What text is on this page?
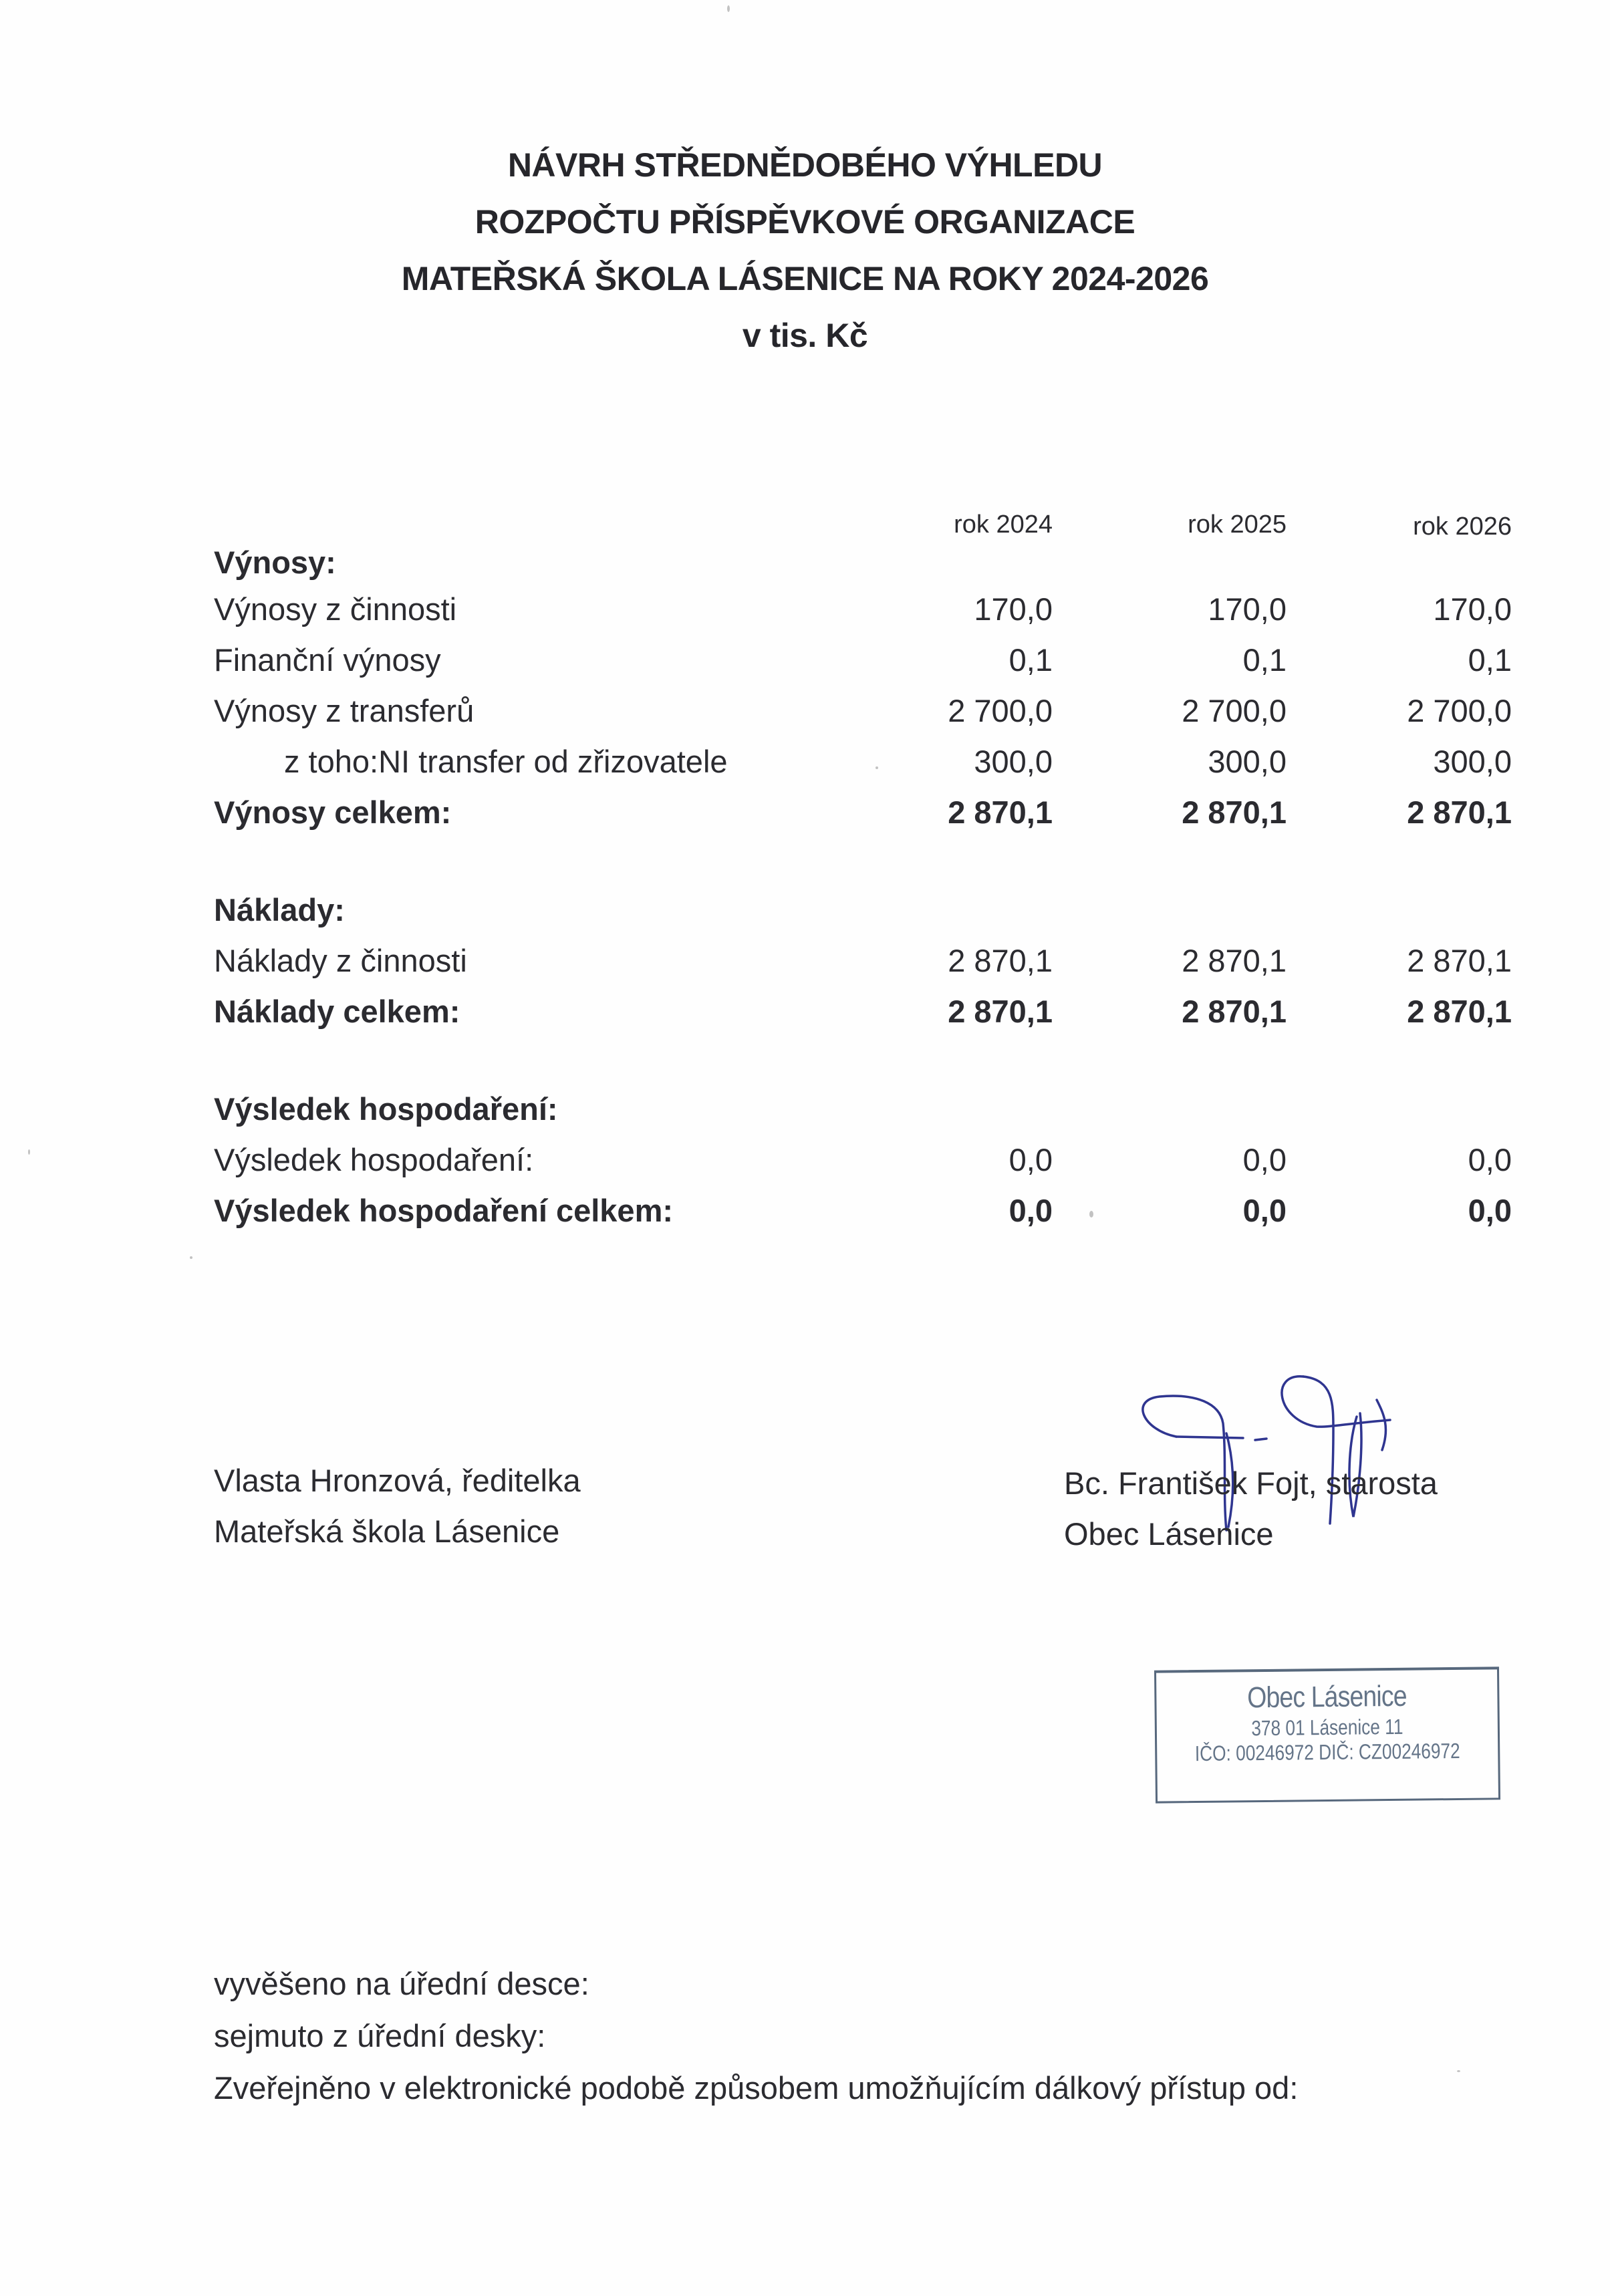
NÁVRH STŘEDNĚDOBÉHO VÝHLEDU
ROZPOČTU PŘÍSPĚVKOVÉ ORGANIZACE
MATEŘSKÁ ŠKOLA LÁSENICE NA ROKY 2024-2026
v tis. Kč
rok 2024	rok 2025	rok 2026
Výnosy:
Výnosy z činnosti	170,0	170,0	170,0
Finanční výnosy	0,1	0,1	0,1
Výnosy z transferů	2 700,0	2 700,0	2 700,0
z toho:NI transfer od zřizovatele	300,0	300,0	300,0
Výnosy celkem:	2 870,1	2 870,1	2 870,1
Náklady:
Náklady z činnosti	2 870,1	2 870,1	2 870,1
Náklady celkem:	2 870,1	2 870,1	2 870,1
Výsledek hospodaření:
Výsledek hospodaření:	0,0	0,0	0,0
Výsledek hospodaření celkem:	0,0	0,0	0,0
Vlasta Hronzová, ředitelka
Mateřská škola Lásenice
Bc. František Fojt, starosta
Obec Lásenice
Obec Lásenice
378 01 Lásenice 11
IČO: 00246972 DIČ: CZ00246972
vyvěšeno na úřední desce:
sejmuto z úřední desky:
Zveřejněno v elektronické podobě způsobem umožňujícím dálkový přístup od:
